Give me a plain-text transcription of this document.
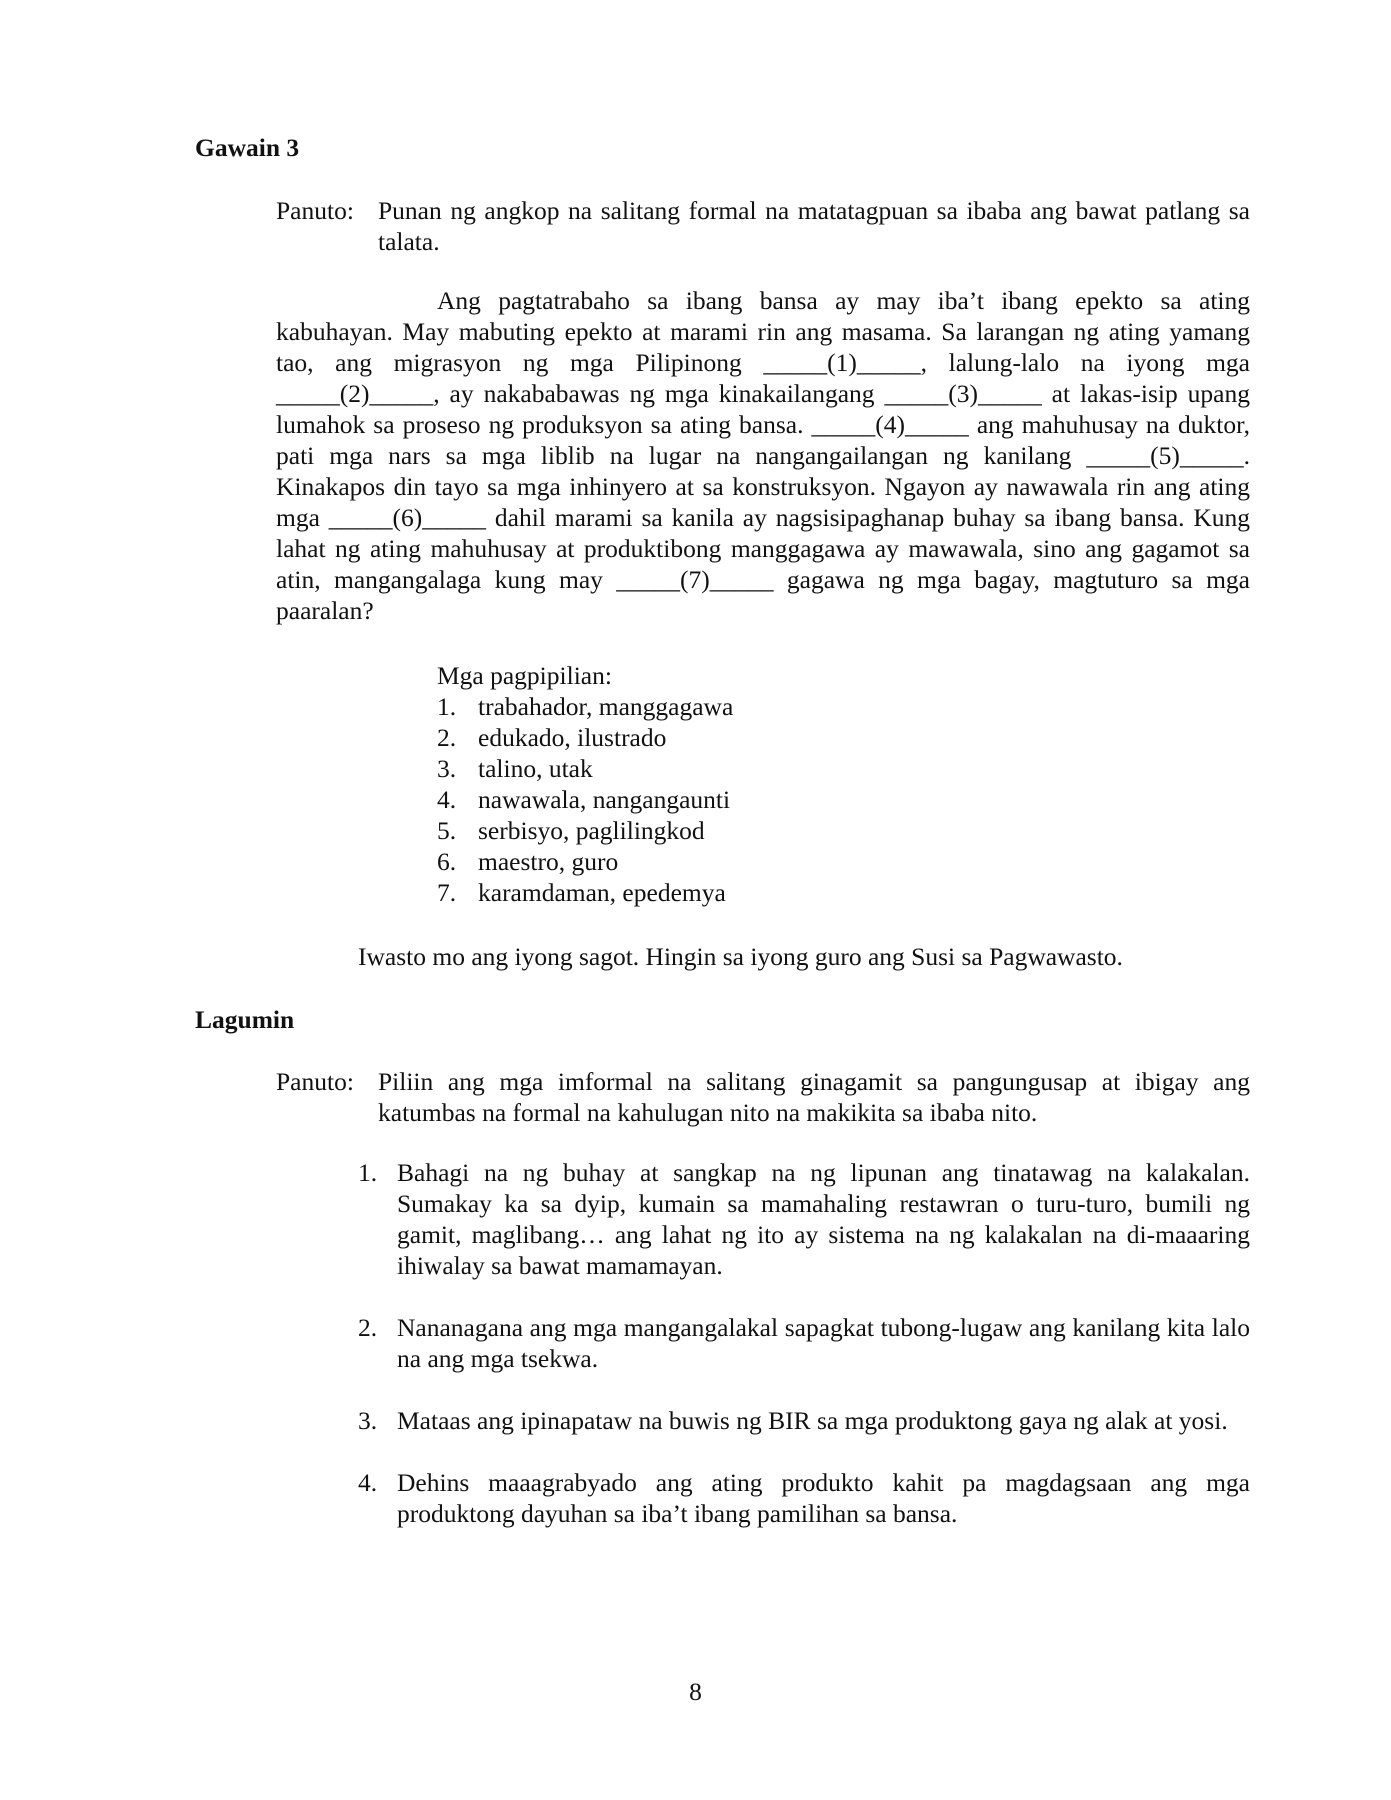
Gawain 3
Panuto: Punan ng angkop na salitang formal na matatagpuan sa ibaba ang bawat patlang sa talata.
Ang pagtatrabaho sa ibang bansa ay may iba’t ibang epekto sa ating kabuhayan. May mabuting epekto at marami rin ang masama. Sa larangan ng ating yamang tao, ang migrasyon ng mga Pilipinong _____(1)_____, lalung-lalo na iyong mga _____(2)_____, ay nakababawas ng mga kinakailangang _____(3)_____ at lakas-isip upang lumahok sa proseso ng produksyon sa ating bansa. _____(4)_____ ang mahuhusay na duktor, pati mga nars sa mga liblib na lugar na nangangailangan ng kanilang _____(5)_____. Kinakapos din tayo sa mga inhinyero at sa konstruksyon. Ngayon ay nawawala rin ang ating mga _____(6)_____ dahil marami sa kanila ay nagsisipaghanap buhay sa ibang bansa. Kung lahat ng ating mahuhusay at produktibong manggagawa ay mawawala, sino ang gagamot sa atin, mangangalaga kung may _____(7)_____ gagawa ng mga bagay, magtuturo sa mga paaralan?
Mga pagpipilian:
1. trabahador, manggagawa
2. edukado, ilustrado
3. talino, utak
4. nawawala, nangangaunti
5. serbisyo, paglilingkod
6. maestro, guro
7. karamdaman, epedemya
Iwasto mo ang iyong sagot. Hingin sa iyong guro ang Susi sa Pagwawasto.
Lagumin
Panuto: Piliin ang mga imformal na salitang ginagamit sa pangungusap at ibigay ang katumbas na formal na kahulugan nito na makikita sa ibaba nito.
1. Bahagi na ng buhay at sangkap na ng lipunan ang tinatawag na kalakalan. Sumakay ka sa dyip, kumain sa mamahaling restawran o turu-turo, bumili ng gamit, maglibang… ang lahat ng ito ay sistema na ng kalakalan na di-maaaring ihiwalay sa bawat mamamayan.
2. Nananagana ang mga mangangalakal sapagkat tubong-lugaw ang kanilang kita lalo na ang mga tsekwa.
3. Mataas ang ipinapataw na buwis ng BIR sa mga produktong gaya ng alak at yosi.
4. Dehins maaagrabyado ang ating produkto kahit pa magdagsaan ang mga produktong dayuhan sa iba’t ibang pamilihan sa bansa.
8
